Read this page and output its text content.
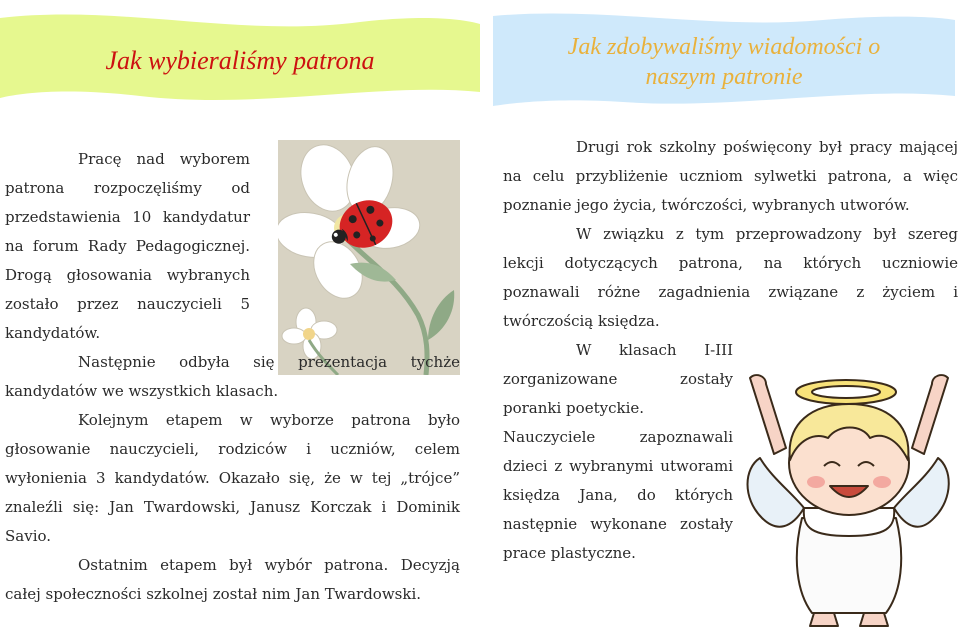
Jak wybieraliśmy patrona	Jak zdobywaliśmy wiadomości o
naszym patronie

Pracę nad wyborem patrona rozpoczęliśmy od przedstawienia 10 kandydatur na forum Rady Pedagogicznej. Drogą głosowania wybranych zostało przez nauczycieli 5 kandydatów.

Następnie odbyła się prezentacja tychże kandydatów we wszystkich klasach.

Kolejnym etapem w wyborze patrona było głosowanie nauczycieli, rodziców i uczniów, celem wyłonienia 3 kandydatów. Okazało się, że w tej „trójce” znaleźli się: Jan Twardowski, Janusz Korczak i Dominik Savio.

Ostatnim etapem był wybór patrona. Decyzją całej społeczności szkolnej został nim Jan Twardowski.

Drugi rok szkolny poświęcony był pracy mającej na celu przybliżenie uczniom sylwetki patrona, a więc poznanie jego życia, twórczości, wybranych utworów.

W związku z tym przeprowadzony był szereg lekcji dotyczących patrona, na których uczniowie poznawali różne zagadnienia związane z życiem i twórczością księdza.

W klasach I-III zorganizowane zostały poranki poetyckie.

Nauczyciele zapoznawali dzieci z wybranymi utworami księdza Jana, do których następnie wykonane zostały prace plastyczne.
